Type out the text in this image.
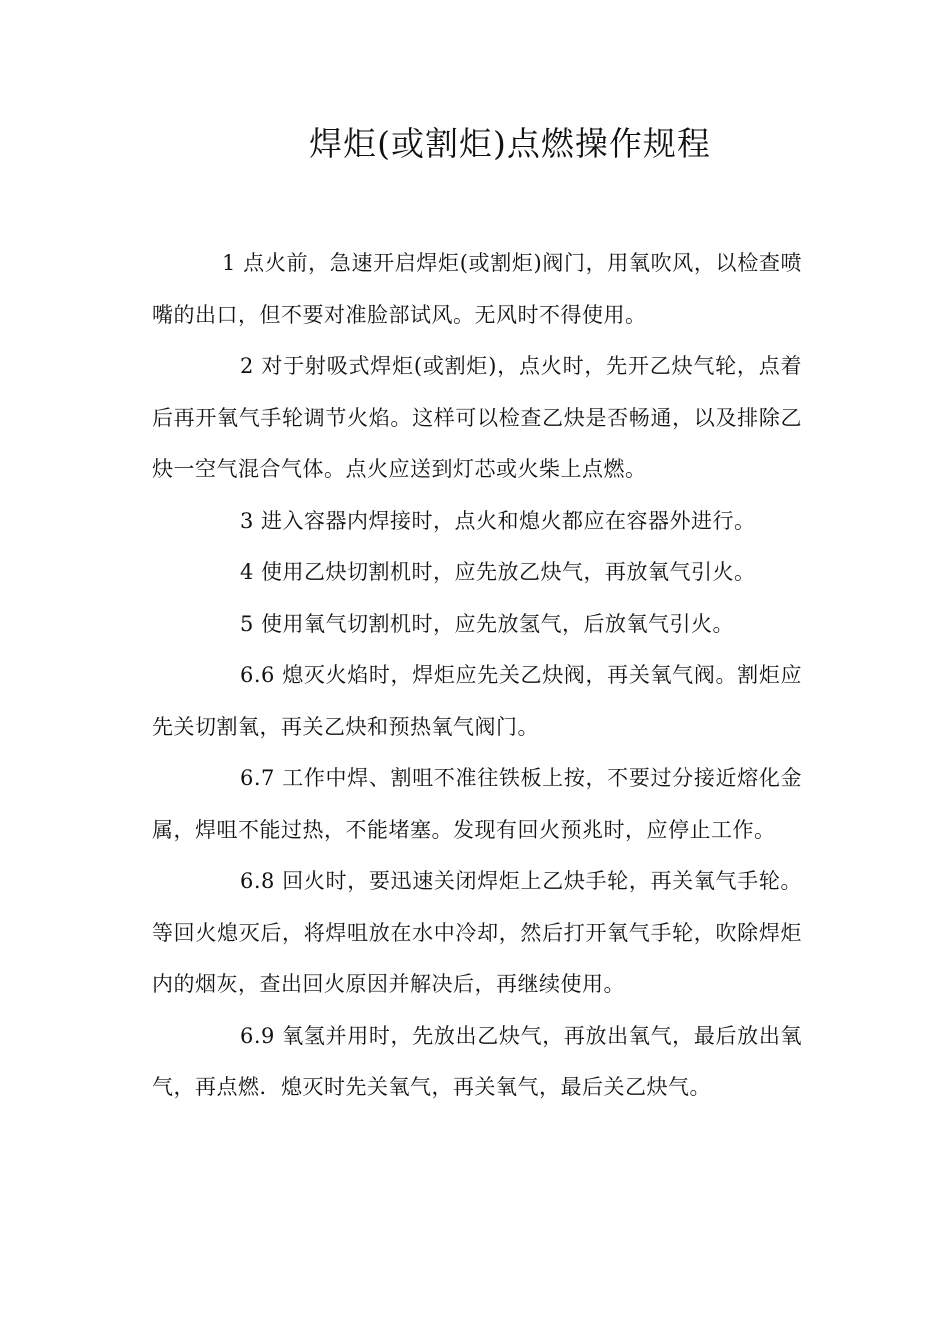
焊炬(或割炬)点燃操作规程

1 点火前，急速开启焊炬(或割炬)阀门，用氧吹风，以检查喷嘴的出口，但不要对准脸部试风。无风时不得使用。

2 对于射吸式焊炬(或割炬)，点火时，先开乙炔气轮，点着后再开氧气手轮调节火焰。这样可以检查乙炔是否畅通，以及排除乙炔一空气混合气体。点火应送到灯芯或火柴上点燃。

3 进入容器内焊接时，点火和熄火都应在容器外进行。

4 使用乙炔切割机时，应先放乙炔气，再放氧气引火。

5 使用氧气切割机时，应先放氢气，后放氧气引火。

6.6 熄灭火焰时，焊炬应先关乙炔阀，再关氧气阀。割炬应先关切割氧，再关乙炔和预热氧气阀门。

6.7 工作中焊、割咀不准往铁板上按，不要过分接近熔化金属，焊咀不能过热，不能堵塞。发现有回火预兆时，应停止工作。

6.8 回火时，要迅速关闭焊炬上乙炔手轮，再关氧气手轮。等回火熄灭后，将焊咀放在水中冷却，然后打开氧气手轮，吹除焊炬内的烟灰，查出回火原因并解决后，再继续使用。

6.9 氧氢并用时，先放出乙炔气，再放出氧气，最后放出氧气，再点燃．熄灭时先关氧气，再关氧气，最后关乙炔气。
